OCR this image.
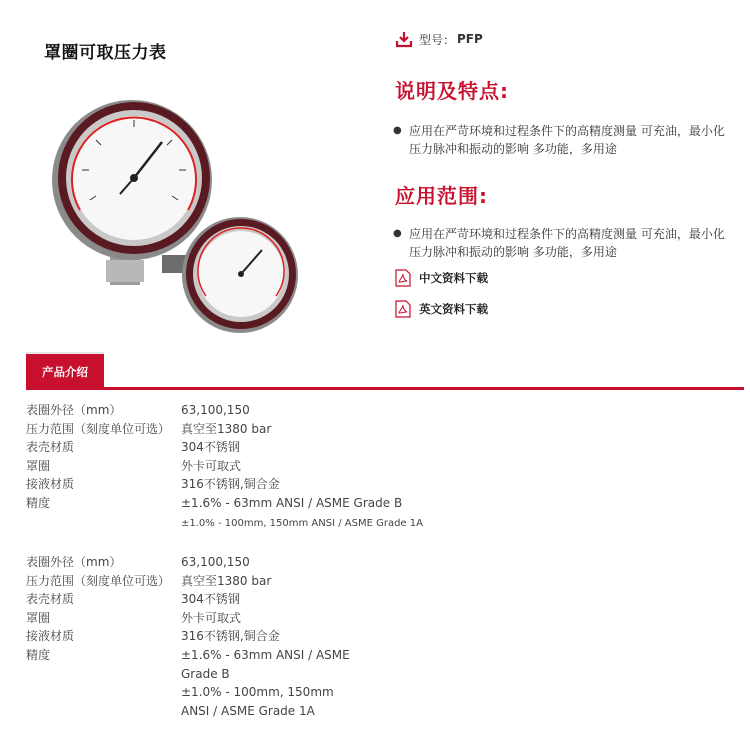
罩圈可取压力表
型号： PFP
说明及特点:
● 应用在严苛环境和过程条件下的高精度测量 可充油，最小化压力脉冲和振动的影响 多功能，多用途
应用范围:
● 应用在严苛环境和过程条件下的高精度测量 可充油，最小化压力脉冲和振动的影响 多功能，多用途
中文资料下载
英文资料下载
产品介绍
表圈外径（mm）	63,100,150
压力范围（刻度单位可选） 真空至1380 bar
表壳材质	304不锈钢
罩圈	外卡可取式
接液材质	316不锈钢,铜合金
精度	±1.6% - 63mm ANSI / ASME Grade B
±1.0% - 100mm, 150mm ANSI / ASME Grade 1A
表圈外径（mm）	63,100,150
压力范围（刻度单位可选） 真空至1380 bar
表壳材质	304不锈钢
罩圈	外卡可取式
接液材质	316不锈钢,铜合金
精度	±1.6% - 63mm ANSI / ASME
Grade B
±1.0% - 100mm, 150mm
ANSI / ASME Grade 1A
